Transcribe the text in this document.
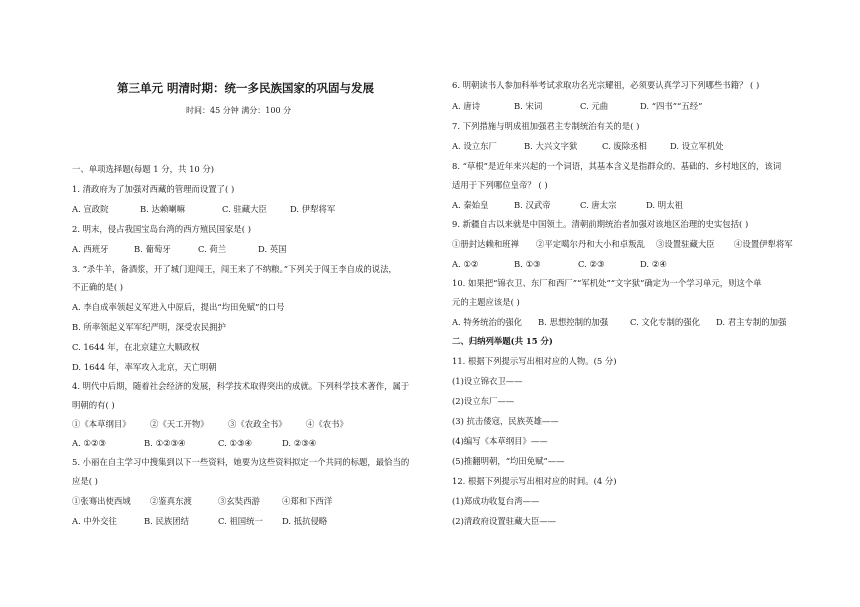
第三单元 明清时期：统一多民族国家的巩固与发展
时间：45 分钟 满分：100 分
一、单项选择题(每题 1 分，共 10 分)
1. 清政府为了加强对西藏的管理而设置了( )
A. 宣政院	B. 达赖喇嘛	C. 驻藏大臣	D. 伊犁将军
2. 明末，侵占我国宝岛台湾的西方殖民国家是( )
A. 西班牙	B. 葡萄牙	C. 荷兰	D. 英国
3. “杀牛羊，备酒浆，开了城门迎闯王，闯王来了不纳粮。”下列关于闯王李自成的说法，
不正确的是( )
A. 李自成率领起义军进入中原后，提出“均田免赋”的口号
B. 所率领起义军军纪严明，深受农民拥护
C. 1644 年，在北京建立大顺政权
D. 1644 年，率军攻入北京，天亡明朝
4. 明代中后期，随着社会经济的发展，科学技术取得突出的成就。下列科学技术著作，属于
明朝的有( )
①《本草纲目》 ②《天工开物》 ③《农政全书》 ④《农书》
A. ①②③	B. ①②③④	C. ①③④	D. ②③④
5. 小丽在自主学习中搜集到以下一些资料，她要为这些资料拟定一个共同的标题，最恰当的
应是( )
①张骞出使西域 ②鉴真东渡	③玄奘西游	④郑和下西洋
A. 中外交往	B. 民族团结	C. 祖国统一 D. 抵抗侵略
6. 明朝读书人参加科举考试求取功名光宗耀祖，必须要认真学习下列哪些书籍？ ( )
A. 唐诗	B. 宋词	C. 元曲	D. “四书”“五经”
7. 下列措施与明成祖加强君主专制统治有关的是( )
A. 设立东厂	B. 大兴文字狱	C. 废除丞相	D. 设立军机处
8. “草根”是近年来兴起的一个词语，其基本含义是指群众的、基础的、乡村地区的，该词
适用于下列哪位皇帝？ ( )
A. 秦始皇	B. 汉武帝	C. 唐太宗	D. 明太祖
9. 新疆自古以来就是中国领土。清朝前期统治者加强对该地区治理的史实包括( )
①册封达赖和班禅 ②平定噶尔丹和大小和卓叛乱 ③设置驻藏大臣 ④设置伊犁将军
A. ①②	B. ①③	C. ②③	D. ②④
10. 如果把“锦衣卫、东厂和西厂”“军机处”“文字狱”确定为一个学习单元，则这个单
元的主题应该是( )
A. 特务统治的强化 B. 思想控制的加强	C. 文化专制的强化 D. 君主专制的加强
二、归纳列举题(共 15 分)
11. 根据下列提示写出相对应的人物。(5 分)
(1)设立锦衣卫——
(2)设立东厂——
(3) 抗击倭寇，民族英雄——
(4)编写《本草纲目》——
(5)推翻明朝，“均田免赋”——
12. 根据下列提示写出相对应的时间。(4 分)
(1)郑成功收复台湾——
(2)清政府设置驻藏大臣——
